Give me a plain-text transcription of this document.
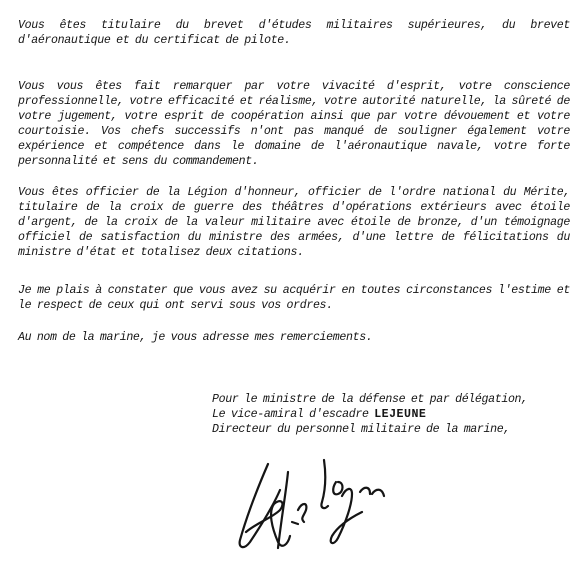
Vous êtes titulaire du brevet d'études militaires supérieures, du brevet d'aéronautique et du certificat de pilote.

Vous vous êtes fait remarquer par votre vivacité d'esprit, votre conscience professionnelle, votre efficacité et réalisme, votre autorité naturelle, la sûreté de votre jugement, votre esprit de coopération ainsi que par votre dévouement et votre courtoisie. Vos chefs successifs n'ont pas manqué de souligner également votre expérience et compétence dans le domaine de l'aéronautique navale, votre forte personnalité et sens du commandement.

Vous êtes officier de la Légion d'honneur, officier de l'ordre national du Mérite, titulaire de la croix de guerre des théâtres d'opérations extérieurs avec étoile d'argent, de la croix de la valeur militaire avec étoile de bronze, d'un témoignage officiel de satisfaction du ministre des armées, d'une lettre de félicitations du ministre d'état et totalisez deux citations.

Je me plais à constater que vous avez su acquérir en toutes circonstances l'estime et le respect de ceux qui ont servi sous vos ordres.

Au nom de la marine, je vous adresse mes remerciements.

Pour le ministre de la défense et par délégation,
Le vice-amiral d'escadre LEJEUNE
Directeur du personnel militaire de la marine,
